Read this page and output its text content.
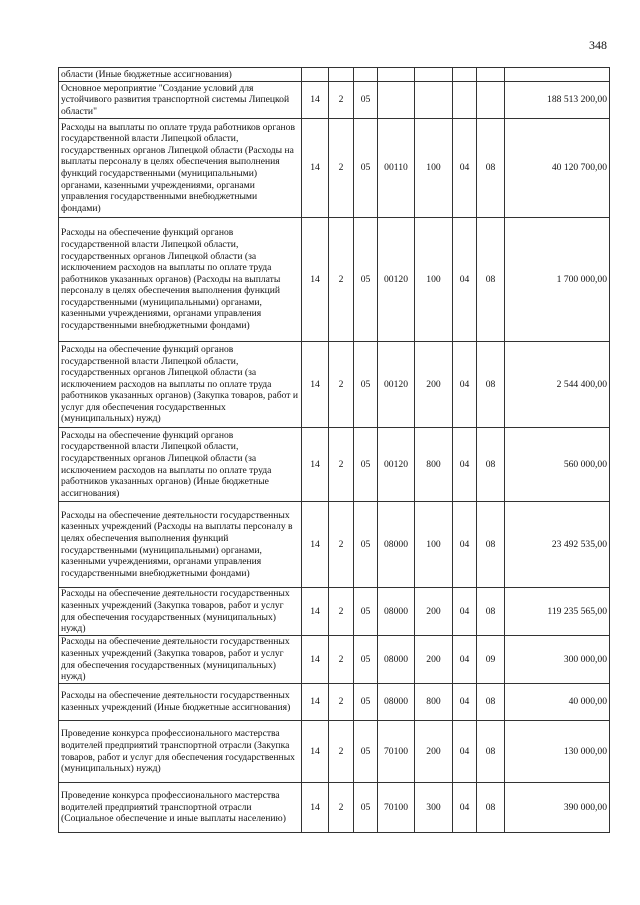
348
области (Иные бюджетные ассигнования)								
Основное мероприятие "Создание условий для устойчивого развития транспортной системы Липецкой области"	14	2	05					188 513 200,00
Расходы на выплаты по оплате труда работников органов государственной власти Липецкой области, государственных органов Липецкой области (Расходы на выплаты персоналу в целях обеспечения выполнения функций государственными (муниципальными) органами, казенными учреждениями, органами управления государственными внебюджетными фондами)	14	2	05	00110	100	04	08	40 120 700,00
Расходы на обеспечение функций органов государственной власти Липецкой области, государственных органов Липецкой области (за исключением расходов на выплаты по оплате труда работников указанных органов) (Расходы на выплаты персоналу в целях обеспечения выполнения функций государственными (муниципальными) органами, казенными учреждениями, органами управления государственными внебюджетными фондами)	14	2	05	00120	100	04	08	1 700 000,00
Расходы на обеспечение функций органов государственной власти Липецкой области, государственных органов Липецкой области (за исключением расходов на выплаты по оплате труда работников указанных органов) (Закупка товаров, работ и услуг для обеспечения государственных (муниципальных) нужд)	14	2	05	00120	200	04	08	2 544 400,00
Расходы на обеспечение функций органов государственной власти Липецкой области, государственных органов Липецкой области (за исключением расходов на выплаты по оплате труда работников указанных органов) (Иные бюджетные ассигнования)	14	2	05	00120	800	04	08	560 000,00
Расходы на обеспечение деятельности государственных казенных учреждений (Расходы на выплаты персоналу в целях обеспечения выполнения функций государственными (муниципальными) органами, казенными учреждениями, органами управления государственными внебюджетными фондами)	14	2	05	08000	100	04	08	23 492 535,00
Расходы на обеспечение деятельности государственных казенных учреждений (Закупка товаров, работ и услуг для обеспечения государственных (муниципальных) нужд)	14	2	05	08000	200	04	08	119 235 565,00
Расходы на обеспечение деятельности государственных казенных учреждений (Закупка товаров, работ и услуг для обеспечения государственных (муниципальных) нужд)	14	2	05	08000	200	04	09	300 000,00
Расходы на обеспечение деятельности государственных казенных учреждений (Иные бюджетные ассигнования)	14	2	05	08000	800	04	08	40 000,00
Проведение конкурса профессионального мастерства водителей предприятий транспортной отрасли (Закупка товаров, работ и услуг для обеспечения государственных (муниципальных) нужд)	14	2	05	70100	200	04	08	130 000,00
Проведение конкурса профессионального мастерства водителей предприятий транспортной отрасли (Социальное обеспечение и иные выплаты населению)	14	2	05	70100	300	04	08	390 000,00
